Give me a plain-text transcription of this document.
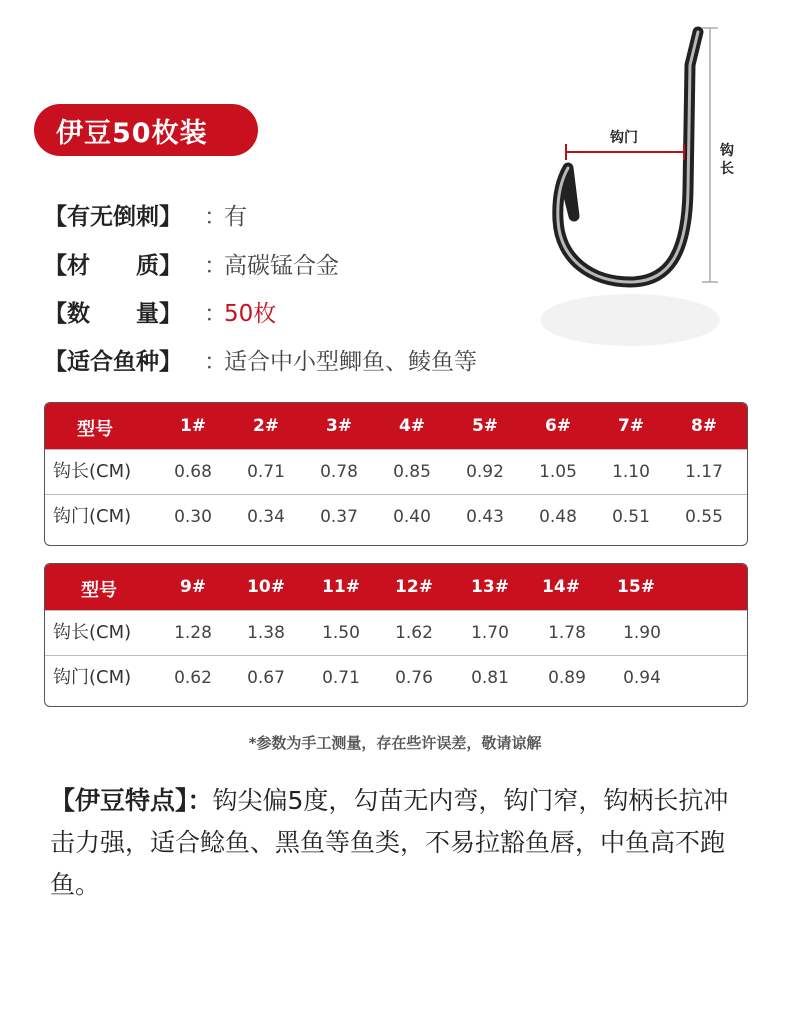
伊豆50枚装
【有无倒刺】 ：
有
【材　　质】 ：
高碳锰合金
【数　　量】 ：
50枚
【适合鱼种】 ：
适合中小型鲫鱼、鲮鱼等
钩门
钩
长
型号	1#	2#	3#	4#	5#	6#	7#	8#
钩长(CM)	0.68	0.71	0.78	0.85	0.92	1.05	1.10	1.17
钩门(CM)	0.30	0.34	0.37	0.40	0.43	0.48	0.51	0.55
型号	9#	10#	11#	12#	13#	14#	15#
钩长(CM)	1.28	1.38	1.50	1.62	1.70	1.78	1.90
钩门(CM)	0.62	0.67	0.71	0.76	0.81	0.89	0.94
*参数为手工测量，存在些许误差，敬请谅解
【伊豆特点】：钩尖偏5度，勾苗无内弯，钩门窄，钩柄长抗冲击力强，适合鲶鱼、黑鱼等鱼类，不易拉豁鱼唇，中鱼高不跑鱼。
